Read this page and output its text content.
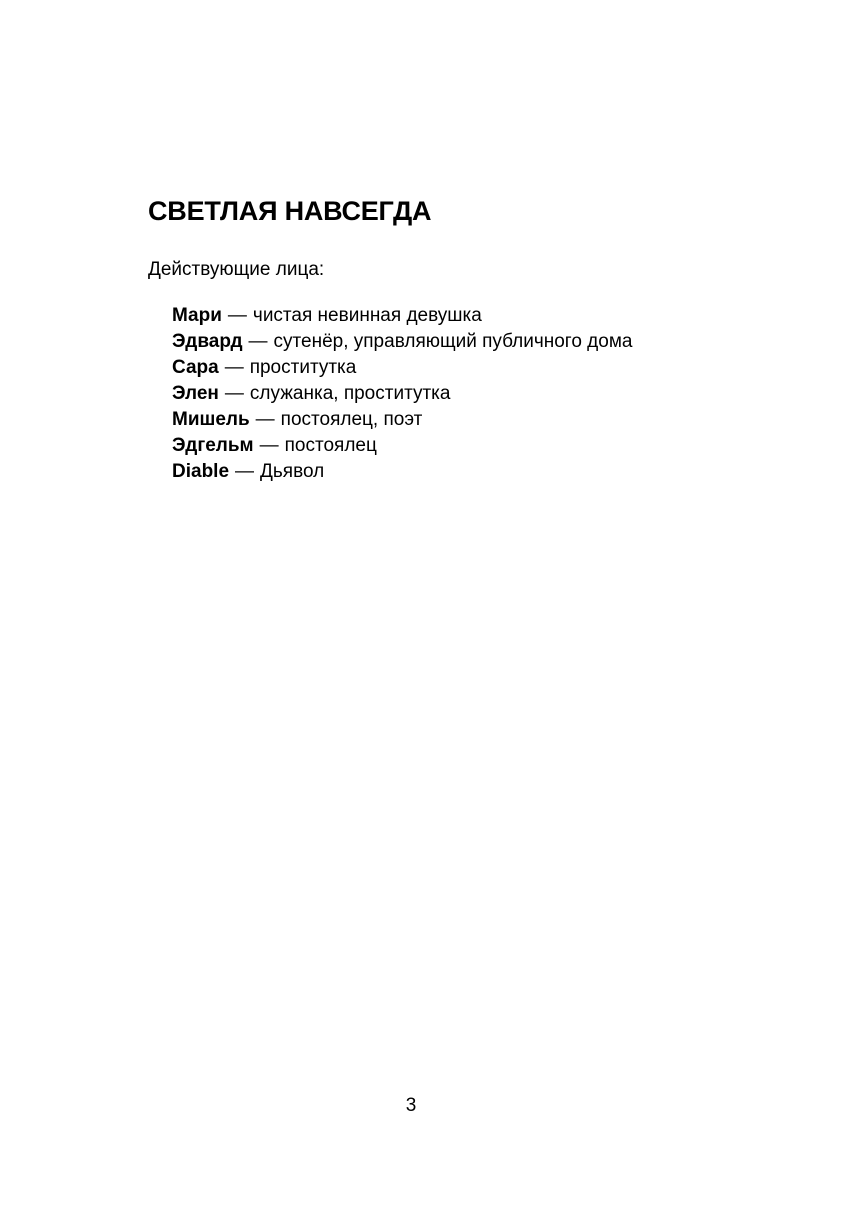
СВЕТЛАЯ НАВСЕГДА
Действующие лица:
Мари — чистая невинная девушка
Эдвард — сутенёр, управляющий публичного дома
Сара — проститутка
Элен — служанка, проститутка
Мишель — постоялец, поэт
Эдгельм — постоялец
Diable — Дьявол
3
